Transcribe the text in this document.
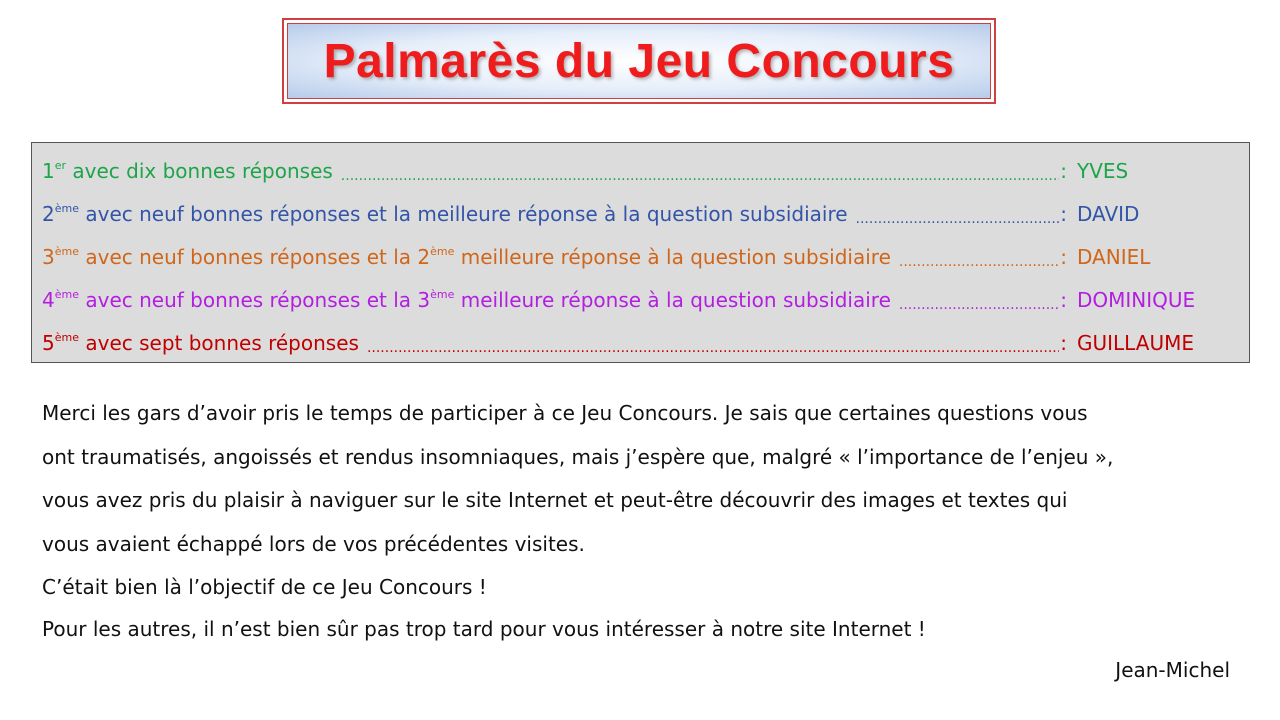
Palmarès du Jeu Concours
1er avec dix bonnes réponses .....	: YVES
2ème avec neuf bonnes réponses et la meilleure réponse à la question subsidiaire .....	: DAVID
3ème avec neuf bonnes réponses et la 2ème meilleure réponse à la question subsidiaire .....	: DANIEL
4ème avec neuf bonnes réponses et la 3ème meilleure réponse à la question subsidiaire .....	: DOMINIQUE
5ème avec sept bonnes réponses .....	: GUILLAUME

Merci les gars d’avoir pris le temps de participer à ce Jeu Concours. Je sais que certaines questions vous

ont traumatisés, angoissés et rendus insomniaques, mais j’espère que, malgré « l’importance de l’enjeu »,

vous avez pris du plaisir à naviguer sur le site Internet et peut-être découvrir des images et textes qui

vous avaient échappé lors de vos précédentes visites.

C’était bien là l’objectif de ce Jeu Concours !

Pour les autres, il n’est bien sûr pas trop tard pour vous intéresser à notre site Internet !

Jean-Michel
